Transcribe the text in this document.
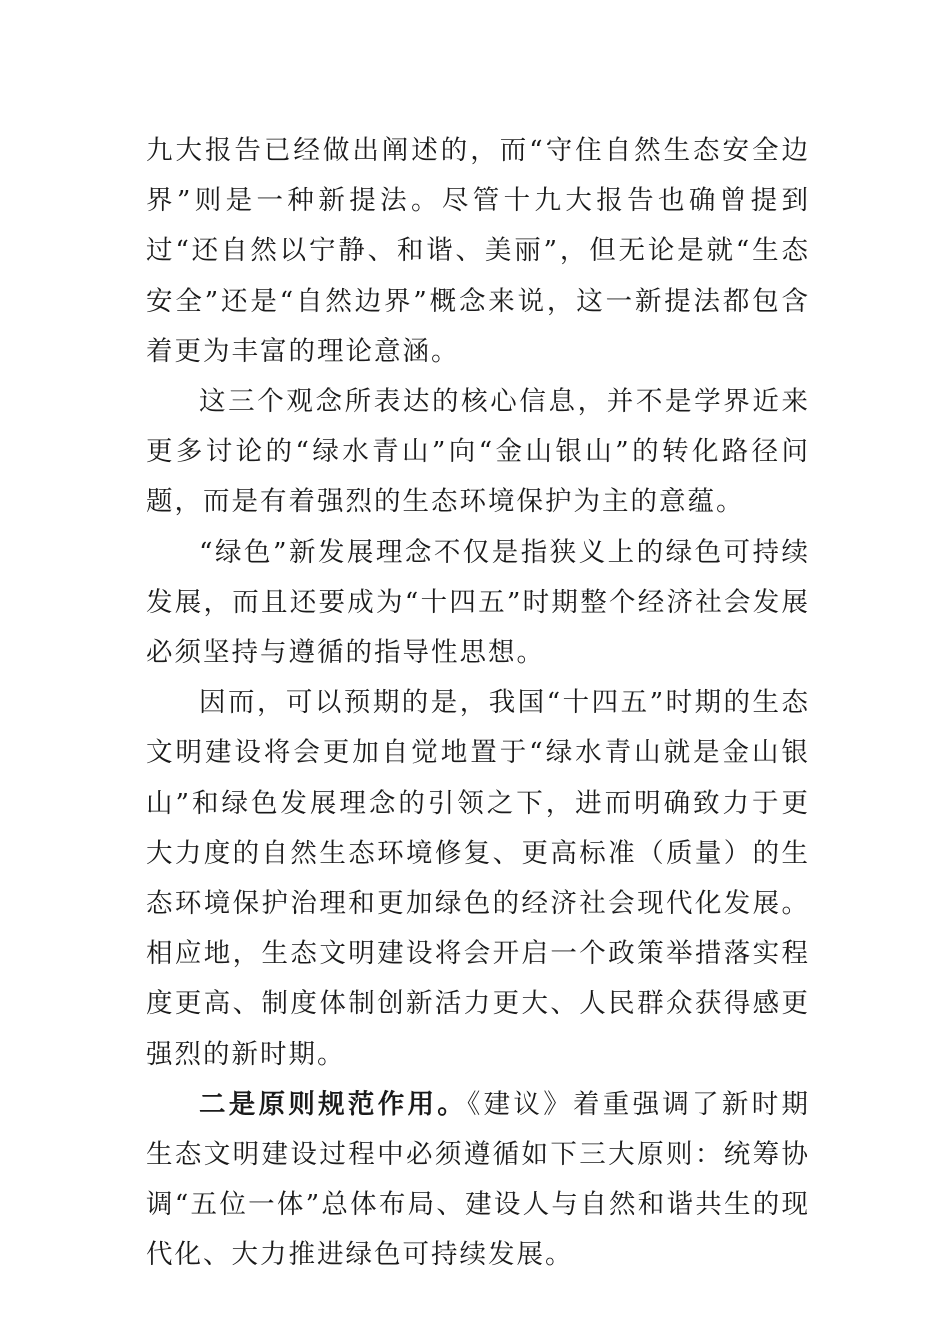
九大报告已经做出阐述的，而“守住自然生态安全边界”则是一种新提法。尽管十九大报告也确曾提到过“还自然以宁静、和谐、美丽”，但无论是就“生态安全”还是“自然边界”概念来说，这一新提法都包含着更为丰富的理论意涵。

这三个观念所表达的核心信息，并不是学界近来更多讨论的“绿水青山”向“金山银山”的转化路径问题，而是有着强烈的生态环境保护为主的意蕴。

“绿色”新发展理念不仅是指狭义上的绿色可持续发展，而且还要成为“十四五”时期整个经济社会发展必须坚持与遵循的指导性思想。

因而，可以预期的是，我国“十四五”时期的生态文明建设将会更加自觉地置于“绿水青山就是金山银山”和绿色发展理念的引领之下，进而明确致力于更大力度的自然生态环境修复、更高标准（质量）的生态环境保护治理和更加绿色的经济社会现代化发展。相应地，生态文明建设将会开启一个政策举措落实程度更高、制度体制创新活力更大、人民群众获得感更强烈的新时期。

二是原则规范作用。《建议》着重强调了新时期生态文明建设过程中必须遵循如下三大原则：统筹协调“五位一体”总体布局、建设人与自然和谐共生的现代化、大力推进绿色可持续发展。
